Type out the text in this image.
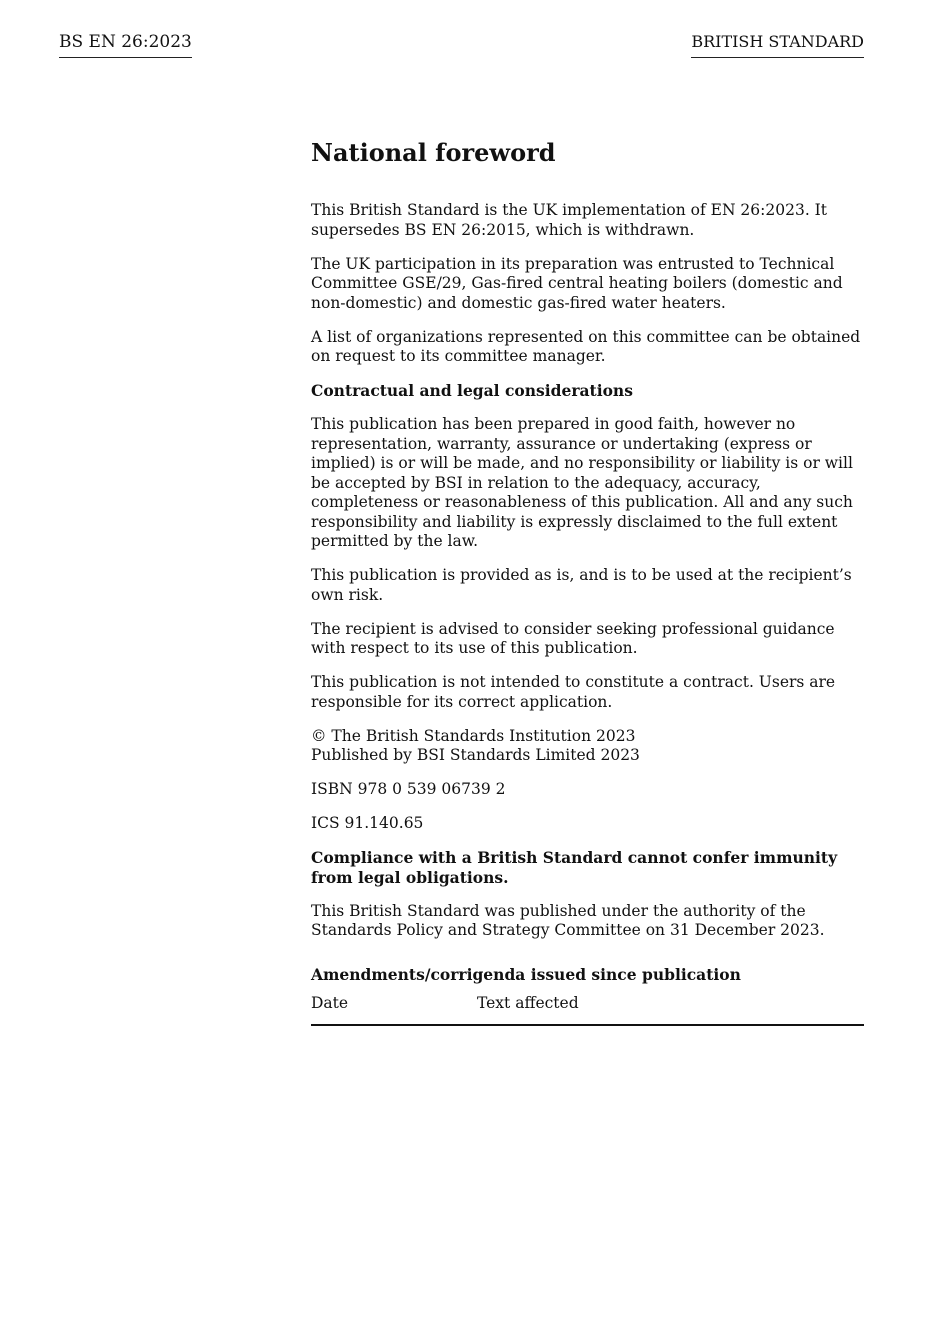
BS EN 26:2023	BRITISH STANDARD
National foreword

This British Standard is the UK implementation of EN 26:2023. It supersedes BS EN 26:2015, which is withdrawn.

The UK participation in its preparation was entrusted to Technical Committee GSE/29, Gas-fired central heating boilers (domestic and non-domestic) and domestic gas-fired water heaters.

A list of organizations represented on this committee can be obtained on request to its committee manager.

Contractual and legal considerations

This publication has been prepared in good faith, however no representation, warranty, assurance or undertaking (express or implied) is or will be made, and no responsibility or liability is or will be accepted by BSI in relation to the adequacy, accuracy, completeness or reasonableness of this publication. All and any such responsibility and liability is expressly disclaimed to the full extent permitted by the law.

This publication is provided as is, and is to be used at the recipient’s own risk.

The recipient is advised to consider seeking professional guidance with respect to its use of this publication.

This publication is not intended to constitute a contract. Users are responsible for its correct application.

© The British Standards Institution 2023
Published by BSI Standards Limited 2023

ISBN 978 0 539 06739 2

ICS 91.140.65

Compliance with a British Standard cannot confer immunity from legal obligations.

This British Standard was published under the authority of the Standards Policy and Strategy Committee on 31 December 2023.

Amendments/corrigenda issued since publication

Date	Text affected
